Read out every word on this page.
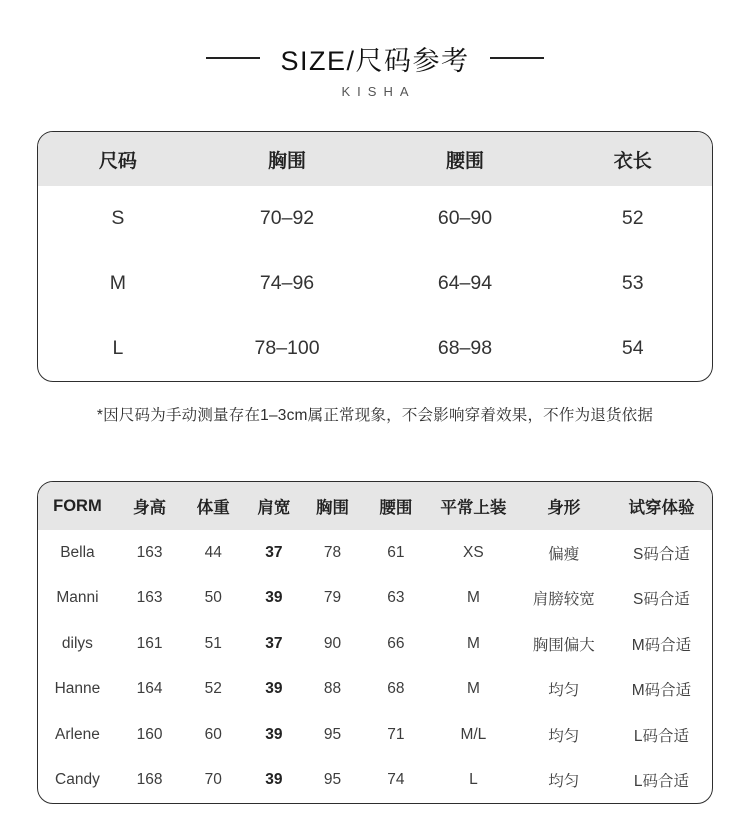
SIZE/尺码参考
KISHA
尺码	胸围	腰围	衣长
S	70–92	60–90	52
M	74–96	64–94	53
L	78–100	68–98	54
*因尺码为手动测量存在1–3cm属正常现象，不会影响穿着效果，不作为退货依据
FORM	身高	体重	肩宽	胸围	腰围	平常上装	身形	试穿体验
Bella	163	44	37	78	61	XS	偏瘦	S码合适
Manni	163	50	39	79	63	M	肩膀较宽	S码合适
dilys	161	51	37	90	66	M	胸围偏大	M码合适
Hanne	164	52	39	88	68	M	均匀	M码合适
Arlene	160	60	39	95	71	M/L	均匀	L码合适
Candy	168	70	39	95	74	L	均匀	L码合适
